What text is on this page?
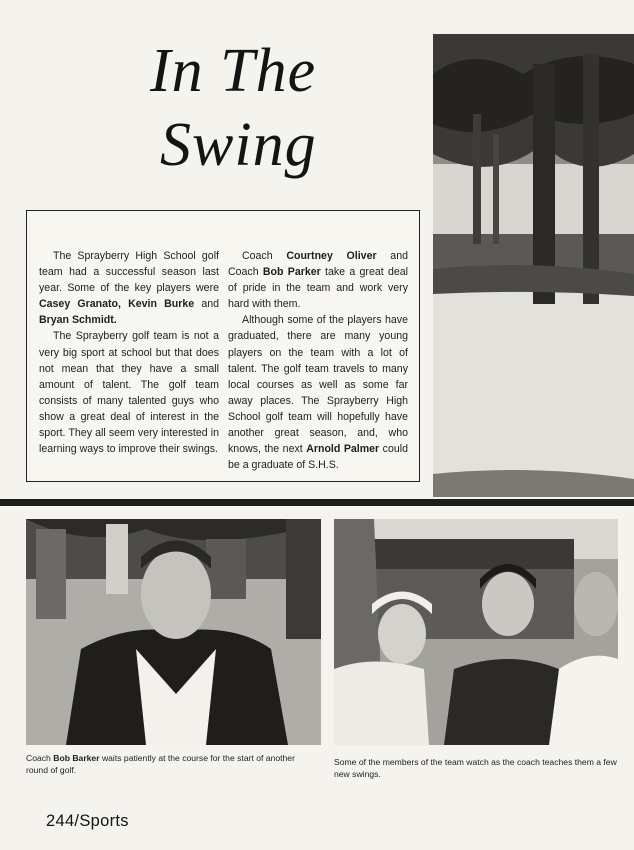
In The
Swing

The Sprayberry High School golf team had a successful season last year. Some of the key players were Casey Granato, Kevin Burke and Bryan Schmidt.

The Sprayberry golf team is not a very big sport at school but that does not mean that they have a small amount of talent. The golf team consists of many talented guys who show a great deal of interest in the sport. They all seem very interested in learning ways to improve their swings.

Coach Courtney Oliver and Coach Bob Parker take a great deal of pride in the team and work very hard with them.

Although some of the players have graduated, there are many young players on the team with a lot of talent. The golf team travels to many local courses as well as some far away places. The Sprayberry High School golf team will hopefully have another great season, and, who knows, the next Arnold Palmer could be a graduate of S.H.S.

Coach Bob Barker waits patiently at the course for the start of another round of golf.

Some of the members of the team watch as the coach teaches them a few new swings.

244/Sports
